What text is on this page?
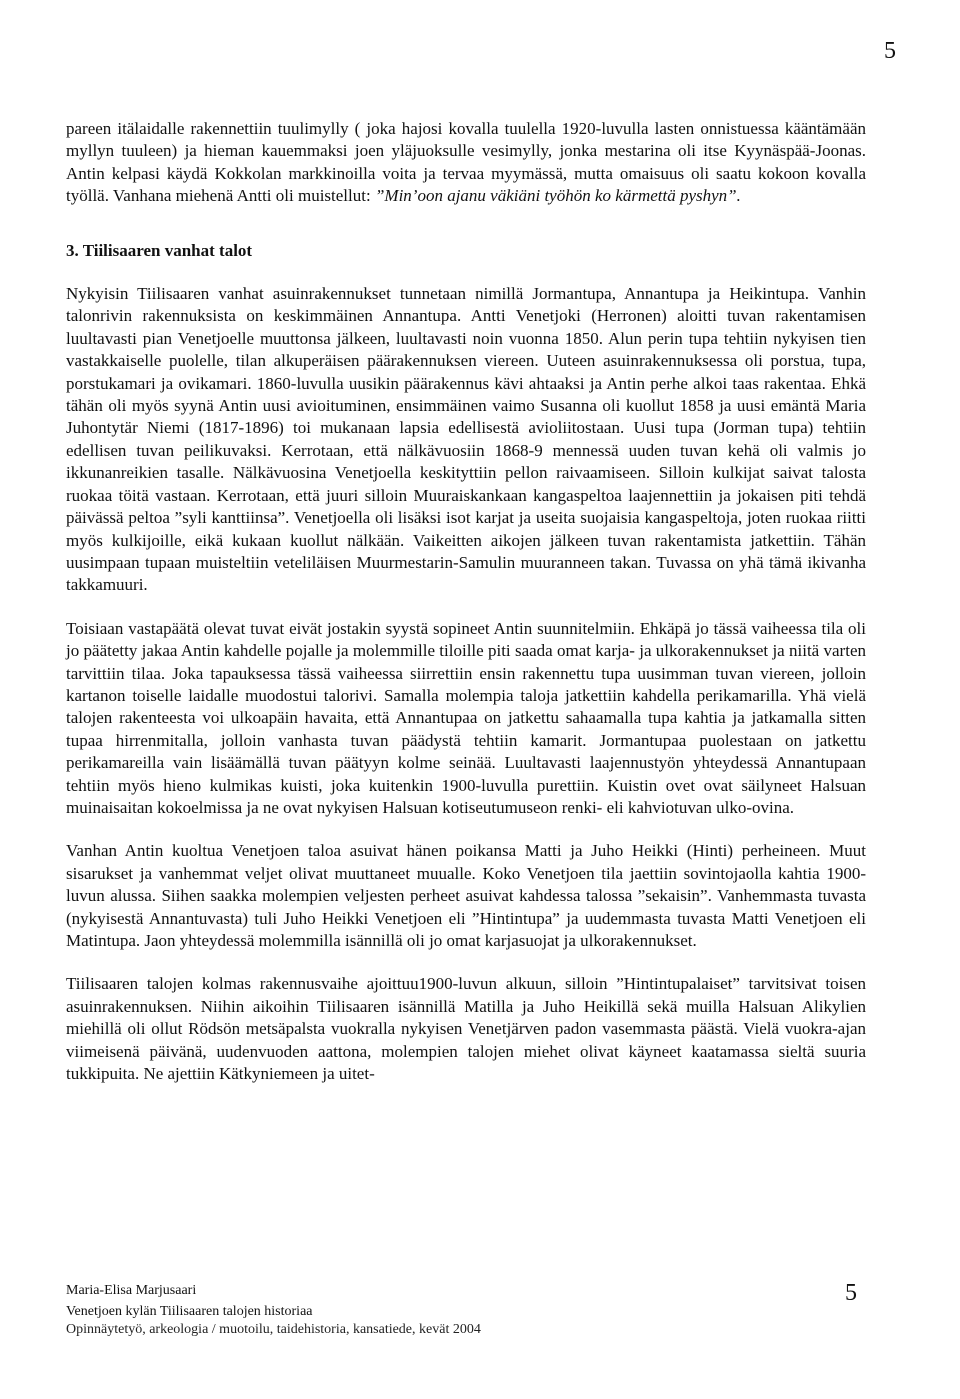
5

pareen itälaidalle rakennettiin tuulimylly ( joka hajosi kovalla tuulella 1920-luvulla lasten onnistuessa kääntämään myllyn tuuleen) ja hieman kauemmaksi joen yläjuoksulle vesimylly, jonka mestarina oli itse Kyynäspää-Joonas. Antin kelpasi käydä Kokkolan markkinoilla voita ja tervaa myymässä, mutta omaisuus oli saatu kokoon kovalla työllä. Vanhana miehenä Antti oli muistellut: ”Min’oon ajanu väkiäni työhön ko kärmettä pyshyn”.

3. Tiilisaaren vanhat talot

Nykyisin Tiilisaaren vanhat asuinrakennukset tunnetaan nimillä Jormantupa, Annantupa ja Heikintupa. Vanhin talonrivin rakennuksista on keskimmäinen Annantupa. Antti Venetjoki (Herronen) aloitti tuvan rakentamisen luultavasti pian Venetjoelle muuttonsa jälkeen, luultavasti noin vuonna 1850. Alun perin tupa tehtiin nykyisen tien vastakkaiselle puolelle, tilan alkuperäisen päärakennuksen viereen. Uuteen asuinrakennuksessa oli porstua, tupa, porstukamari ja ovikamari. 1860-luvulla uusikin päärakennus kävi ahtaaksi ja Antin perhe alkoi taas rakentaa. Ehkä tähän oli myös syynä Antin uusi avioituminen, ensimmäinen vaimo Susanna oli kuollut 1858 ja uusi emäntä Maria Juhontytär Niemi (1817-1896) toi mukanaan lapsia edellisestä avioliitostaan. Uusi tupa (Jorman tupa) tehtiin edellisen tuvan peilikuvaksi. Kerrotaan, että nälkävuosiin 1868-9 mennessä uuden tuvan kehä oli valmis jo ikkunanreikien tasalle. Nälkävuosina Venetjoella keskityttiin pellon raivaamiseen. Silloin kulkijat saivat talosta ruokaa töitä vastaan. Kerrotaan, että juuri silloin Muuraiskankaan kangaspeltoa laajennettiin ja jokaisen piti tehdä päivässä peltoa ”syli kanttiinsa”. Venetjoella oli lisäksi isot karjat ja useita suojaisia kangaspeltoja, joten ruokaa riitti myös kulkijoille, eikä kukaan kuollut nälkään. Vaikeitten aikojen jälkeen tuvan rakentamista jatkettiin. Tähän uusimpaan tupaan muisteltiin veteliläisen Muurmestarin-Samulin muuranneen takan. Tuvassa on yhä tämä ikivanha takkamuuri.

Toisiaan vastapäätä olevat tuvat eivät jostakin syystä sopineet Antin suunnitelmiin. Ehkäpä jo tässä vaiheessa tila oli jo päätetty jakaa Antin kahdelle pojalle ja molemmille tiloille piti saada omat karja- ja ulkorakennukset ja niitä varten tarvittiin tilaa. Joka tapauksessa tässä vaiheessa siirrettiin ensin rakennettu tupa uusimman tuvan viereen, jolloin kartanon toiselle laidalle muodostui talorivi. Samalla molempia taloja jatkettiin kahdella perikamarilla. Yhä vielä talojen rakenteesta voi ulkoapäin havaita, että Annantupaa on jatkettu sahaamalla tupa kahtia ja jatkamalla sitten tupaa hirrenmitalla, jolloin vanhasta tuvan päädystä tehtiin kamarit. Jormantupaa puolestaan on jatkettu perikamareilla vain lisäämällä tuvan päätyyn kolme seinää. Luultavasti laajennustyön yhteydessä Annantupaan tehtiin myös hieno kulmikas kuisti, joka kuitenkin 1900-luvulla purettiin. Kuistin ovet ovat säilyneet Halsuan muinaisaitan kokoelmissa ja ne ovat nykyisen Halsuan kotiseutumuseon renki- eli kahviotuvan ulko-ovina.

Vanhan Antin kuoltua Venetjoen taloa asuivat hänen poikansa Matti ja Juho Heikki (Hinti) perheineen. Muut sisarukset ja vanhemmat veljet olivat muuttaneet muualle. Koko Venetjoen tila jaettiin sovintojaolla kahtia 1900-luvun alussa. Siihen saakka molempien veljesten perheet asuivat kahdessa talossa ”sekaisin”. Vanhemmasta tuvasta (nykyisestä Annantuvasta) tuli Juho Heikki Venetjoen eli ”Hintintupa” ja uudemmasta tuvasta Matti Venetjoen eli Matintupa. Jaon yhteydessä molemmilla isännillä oli jo omat karjasuojat ja ulkorakennukset.

Tiilisaaren talojen kolmas rakennusvaihe ajoittuu1900-luvun alkuun, silloin ”Hintintupalaiset” tarvitsivat toisen asuinrakennuksen. Niihin aikoihin Tiilisaaren isännillä Matilla ja Juho Heikillä sekä muilla Halsuan Alikylien miehillä oli ollut Rödsön metsäpalsta vuokralla nykyisen Venetjärven padon vasemmasta päästä. Vielä vuokra-ajan viimeisenä päivänä, uudenvuoden aattona, molempien talojen miehet olivat käyneet kaatamassa sieltä suuria tukkipuita. Ne ajettiin Kätkyniemeen ja uitet-

Maria-Elisa Marjusaari
Venetjoen kylän Tiilisaaren talojen historiaa
5
Opinnäytetyö, arkeologia / muotoilu, taidehistoria, kansatiede, kevät 2004
